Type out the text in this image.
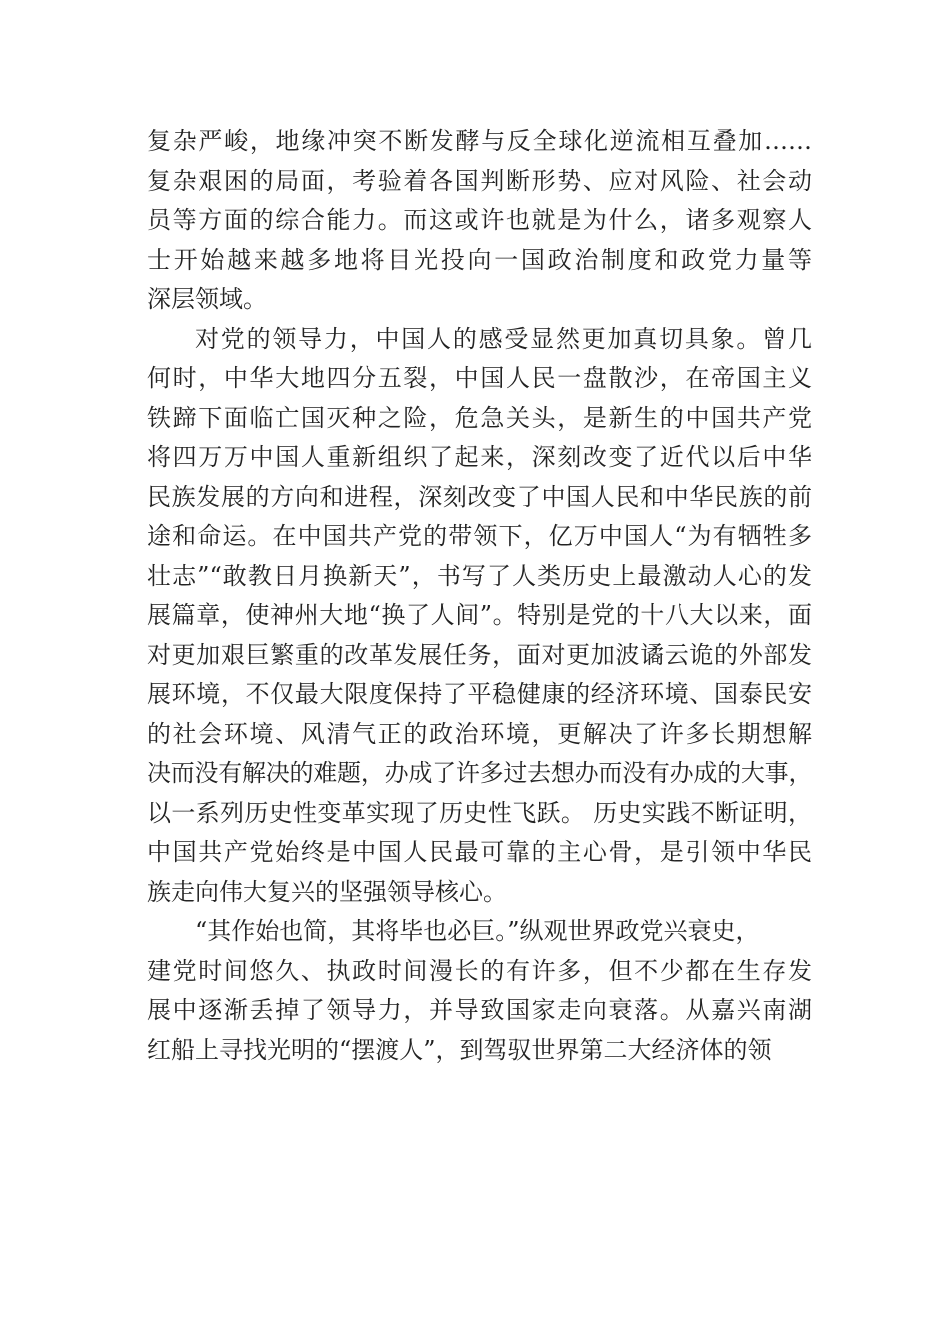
复杂严峻，地缘冲突不断发酵与反全球化逆流相互叠加……
复杂艰困的局面，考验着各国判断形势、应对风险、社会动
员等方面的综合能力。而这或许也就是为什么，诸多观察人
士开始越来越多地将目光投向一国政治制度和政党力量等
深层领域。
对党的领导力，中国人的感受显然更加真切具象。曾几
何时，中华大地四分五裂，中国人民一盘散沙，在帝国主义
铁蹄下面临亡国灭种之险，危急关头，是新生的中国共产党
将四万万中国人重新组织了起来，深刻改变了近代以后中华
民族发展的方向和进程，深刻改变了中国人民和中华民族的前
途和命运。在中国共产党的带领下，亿万中国人“为有牺牲多
壮志”“敢教日月换新天”，书写了人类历史上最激动人心的发
展篇章，使神州大地“换了人间”。特别是党的十八大以来，面
对更加艰巨繁重的改革发展任务，面对更加波谲云诡的外部发
展环境，不仅最大限度保持了平稳健康的经济环境、国泰民安
的社会环境、风清气正的政治环境，更解决了许多长期想解
决而没有解决的难题，办成了许多过去想办而没有办成的大事，
以一系列历史性变革实现了历史性飞跃。 历史实践不断证明，
中国共产党始终是中国人民最可靠的主心骨，是引领中华民
族走向伟大复兴的坚强领导核心。
“其作始也简，其将毕也必巨。”纵观世界政党兴衰史，
建党时间悠久、执政时间漫长的有许多，但不少都在生存发
展中逐渐丢掉了领导力，并导致国家走向衰落。从嘉兴南湖
红船上寻找光明的“摆渡人”，到驾驭世界第二大经济体的领
